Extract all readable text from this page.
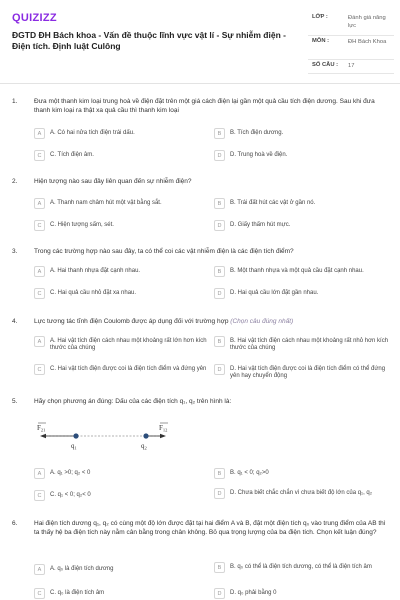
QUIZIZZ
ĐGTD ĐH Bách khoa - Vấn đề thuộc lĩnh vực vật lí - Sự nhiễm điện - Điện tích. Định luật Culông
LỚP :	Đánh giá năng lực
MÔN :	ĐH Bách Khoa
SỐ CÂU :	17
1.	Đưa một thanh kim loại trung hoà về điện đặt trên một giá cách điện lại gần một quả cầu tích điện dương. Sau khi đưa thanh kim loại ra thật xa quả cầu thì thanh kim loại
A	A. Có hai nửa tích điện trái dấu.	B	B. Tích điện dương.
C	C. Tích điện âm.	D	D. Trung hoà về điện.
2.	Hiện tượng nào sau đây liên quan đến sự nhiễm điện?
A	A. Thanh nam châm hút một vật bằng sắt.	B	B. Trái đất hút các vật ở gần nó.
C	C. Hiện tượng sấm, sét.	D	D. Giấy thấm hút mực.
3.	Trong các trường hợp nào sau đây, ta có thể coi các vật nhiễm điện là các điện tích điểm?
A	A. Hai thanh nhựa đặt cạnh nhau.	B	B. Một thanh nhựa và một quả cầu đặt cạnh nhau.
C	C. Hai quả cầu nhỏ đặt xa nhau.	D	D. Hai quả cầu lớn đặt gần nhau.
4.	Lực tương tác tĩnh điện Coulomb được áp dụng đối với trường hợp (Chọn câu đúng nhất)
A	A. Hai vật tích điện cách nhau một khoảng rất lớn hơn kích thước của chúng
B	B. Hai vật tích điện cách nhau một khoảng rất nhỏ hơn kích thước của chúng
C	C. Hai vật tích điện được coi là điện tích điểm và đứng yên	D	D. Hai vật tích điện được coi là điện tích điểm có thể đứng yên hay chuyển động
5.	Hãy chọn phương án đúng: Dấu của các điện tích q₁, q₂ trên hình là:
$F_{21}$	$F_{12}$
$q_1$	$q_2$
A	A. q₁ >0; q₂ < 0	B	B. q₁ < 0; q₂>0
C	C. q₁ < 0; q₂< 0	D	D. Chưa biết chắc chắn vì chưa biết độ lớn của q₁, q₂
6.	Hai điện tích dương q₁, q₂ có cùng một độ lớn được đặt tại hai điểm A và B, đặt một điện tích q₀ vào trung điểm của AB thì ta thấy hệ ba điện tích này nằm cân bằng trong chân không. Bỏ qua trọng lượng của ba điện tích. Chọn kết luận đúng?
A	A. q₀ là điện tích dương	B	B. q₀ có thể là điện tích dương, có thể là điện tích âm
C	C. q₀ là điện tích âm	D	D. q₀ phải bằng 0
